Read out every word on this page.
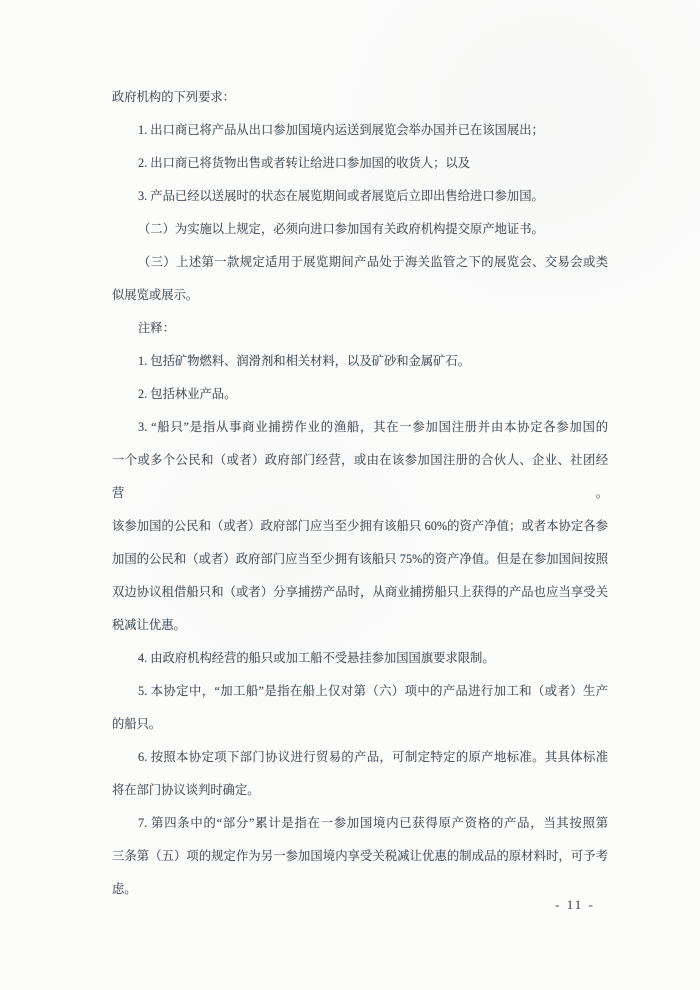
政府机构的下列要求：
1. 出口商已将产品从出口参加国境内运送到展览会举办国并已在该国展出；
2. 出口商已将货物出售或者转让给进口参加国的收货人；以及
3. 产品已经以送展时的状态在展览期间或者展览后立即出售给进口参加国。
（二）为实施以上规定，必须向进口参加国有关政府机构提交原产地证书。
（三）上述第一款规定适用于展览期间产品处于海关监管之下的展览会、交易会或类
似展览或展示。
注释：
1. 包括矿物燃料、润滑剂和相关材料，以及矿砂和金属矿石。
2. 包括林业产品。
3. “船只”是指从事商业捕捞作业的渔船，其在一参加国注册并由本协定各参加国的
一个或多个公民和（或者）政府部门经营，或由在该参加国注册的合伙人、企业、社团经营。
该参加国的公民和（或者）政府部门应当至少拥有该船只 60%的资产净值；或者本协定各参
加国的公民和（或者）政府部门应当至少拥有该船只 75%的资产净值。但是在参加国间按照
双边协议租借船只和（或者）分享捕捞产品时，从商业捕捞船只上获得的产品也应当享受关
税减让优惠。
4. 由政府机构经营的船只或加工船不受悬挂参加国国旗要求限制。
5. 本协定中，“加工船”是指在船上仅对第（六）项中的产品进行加工和（或者）生产
的船只。
6. 按照本协定项下部门协议进行贸易的产品，可制定特定的原产地标准。其具体标准
将在部门协议谈判时确定。
7. 第四条中的“部分”累计是指在一参加国境内已获得原产资格的产品，当其按照第
三条第（五）项的规定作为另一参加国境内享受关税减让优惠的制成品的原材料时，可予考
虑。
- 11 -
